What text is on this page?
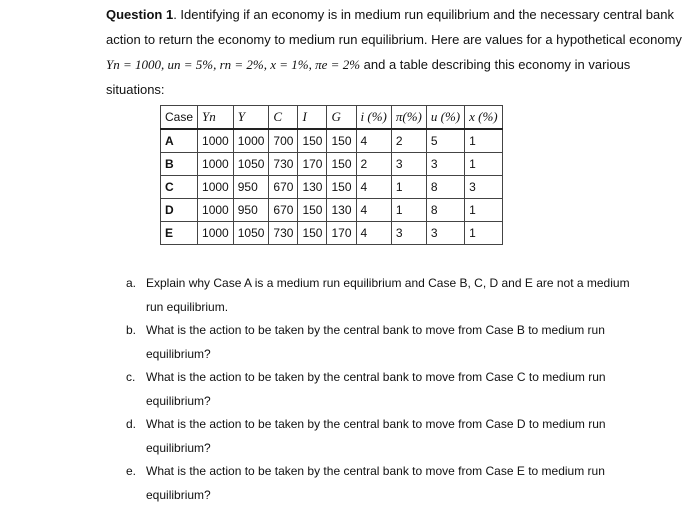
Question 1. Identifying if an economy is in medium run equilibrium and the necessary central bank action to return the economy to medium run equilibrium. Here are values for a hypothetical economy Yn = 1000, un = 5%, rn = 2%, x = 1%, πe = 2% and a table describing this economy in various situations:
Case	Yn	Y	C	I	G	i (%)	π(%)	u (%)	x (%)
A	1000	1000	700	150	150	4	2	5	1
B	1000	1050	730	170	150	2	3	3	1
C	1000	950	670	130	150	4	1	8	3
D	1000	950	670	150	130	4	1	8	1
E	1000	1050	730	150	170	4	3	3	1
a. Explain why Case A is a medium run equilibrium and Case B, C, D and E are not a medium run equilibrium.
b. What is the action to be taken by the central bank to move from Case B to medium run equilibrium?
c. What is the action to be taken by the central bank to move from Case C to medium run equilibrium?
d. What is the action to be taken by the central bank to move from Case D to medium run equilibrium?
e. What is the action to be taken by the central bank to move from Case E to medium run equilibrium?
